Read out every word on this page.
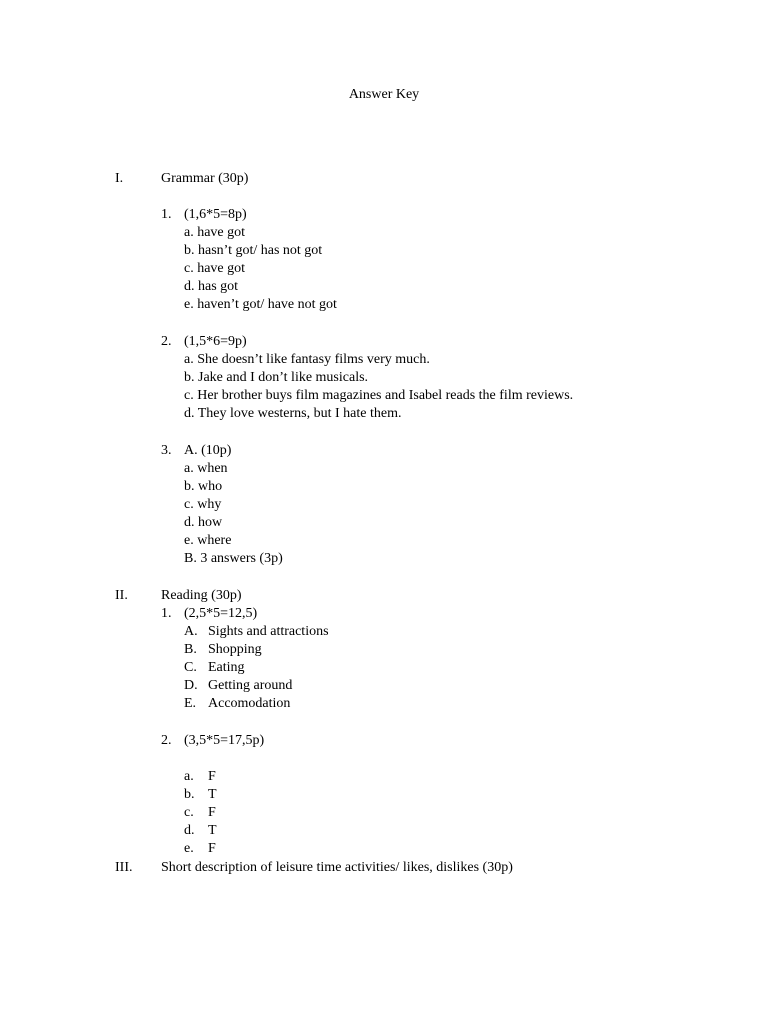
Answer Key
I.	Grammar (30p)
1. (1,6*5=8p)
a. have got
b. hasn’t got/ has not got
c. have got
d. has got
e. haven’t got/ have not got
2. (1,5*6=9p)
a. She doesn’t like fantasy films very much.
b. Jake and I don’t like musicals.
c. Her brother buys film magazines and Isabel reads the film reviews.
d. They love westerns, but I hate them.
3. A. (10p)
a. when
b. who
c. why
d. how
e. where
B. 3 answers (3p)
II. Reading (30p)
1. (2,5*5=12,5)
A. Sights and attractions
B. Shopping
C. Eating
D. Getting around
E. Accomodation
2. (3,5*5=17,5p)
a. F
b. T
c. F
d. T
e. F
III. Short description of leisure time activities/ likes, dislikes (30p)
